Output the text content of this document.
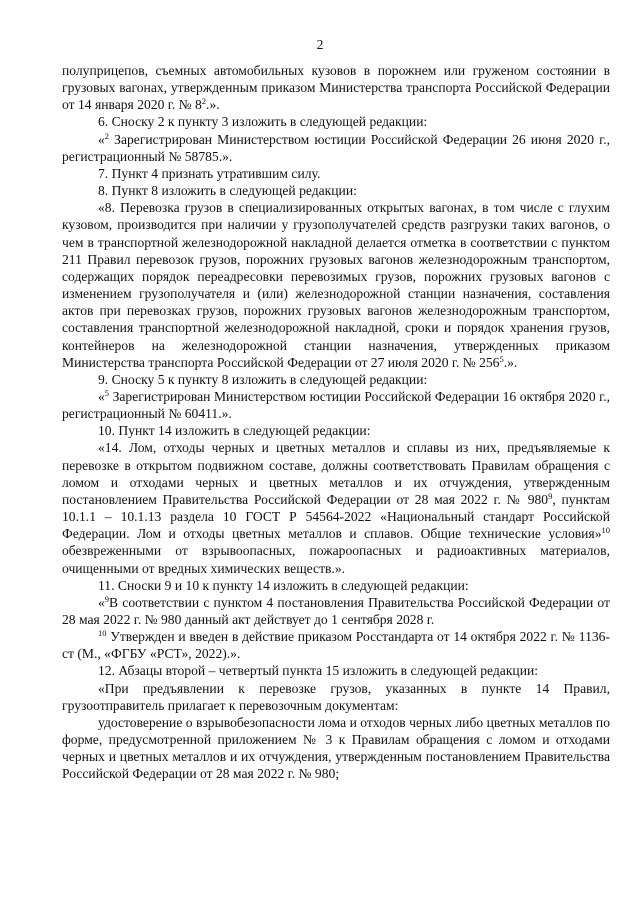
2

полуприцепов, съемных автомобильных кузовов в порожнем или груженом состоянии в грузовых вагонах, утвержденным приказом Министерства транспорта Российской Федерации от 14 января 2020 г. № $8^2$.».

6. Сноску 2 к пункту 3 изложить в следующей редакции:

«$^2$ Зарегистрирован Министерством юстиции Российской Федерации 26 июня 2020 г., регистрационный № 58785.».

7. Пункт 4 признать утратившим силу.

8. Пункт 8 изложить в следующей редакции:

«8. Перевозка грузов в специализированных открытых вагонах, в том числе с глухим кузовом, производится при наличии у грузополучателей средств разгрузки таких вагонов, о чем в транспортной железнодорожной накладной делается отметка в соответствии с пунктом 211 Правил перевозок грузов, порожних грузовых вагонов железнодорожным транспортом, содержащих порядок переадресовки перевозимых грузов, порожних грузовых вагонов с изменением грузополучателя и (или) железнодорожной станции назначения, составления актов при перевозках грузов, порожних грузовых вагонов железнодорожным транспортом, составления транспортной железнодорожной накладной, сроки и порядок хранения грузов, контейнеров на железнодорожной станции назначения, утвержденных приказом Министерства транспорта Российской Федерации от 27 июля 2020 г. № $256^5$.».

9. Сноску 5 к пункту 8 изложить в следующей редакции:

«$^5$ Зарегистрирован Министерством юстиции Российской Федерации 16 октября 2020 г., регистрационный № 60411.».

10. Пункт 14 изложить в следующей редакции:

«14. Лом, отходы черных и цветных металлов и сплавы из них, предъявляемые к перевозке в открытом подвижном составе, должны соответствовать Правилам обращения с ломом и отходами черных и цветных металлов и их отчуждения, утвержденным постановлением Правительства Российской Федерации от 28 мая 2022 г. № $980^9$, пунктам 10.1.1 – 10.1.13 раздела 10 ГОСТ Р 54564-2022 «Национальный стандарт Российской Федерации. Лом и отходы цветных металлов и сплавов. Общие технические условия»$^{10}$ обезвреженными от взрывоопасных, пожароопасных и радиоактивных материалов, очищенными от вредных химических веществ.».

11. Сноски 9 и 10 к пункту 14 изложить в следующей редакции:

«$^9$В соответствии с пунктом 4 постановления Правительства Российской Федерации от 28 мая 2022 г. № 980 данный акт действует до 1 сентября 2028 г.

$^{10}$ Утвержден и введен в действие приказом Росстандарта от 14 октября 2022 г. № 1136-ст (М., «ФГБУ «РСТ», 2022).».

12. Абзацы второй – четвертый пункта 15 изложить в следующей редакции:

«При предъявлении к перевозке грузов, указанных в пункте 14 Правил, грузоотправитель прилагает к перевозочным документам:

удостоверение о взрывобезопасности лома и отходов черных либо цветных металлов по форме, предусмотренной приложением № 3 к Правилам обращения с ломом и отходами черных и цветных металлов и их отчуждения, утвержденным постановлением Правительства Российской Федерации от 28 мая 2022 г. № 980;
